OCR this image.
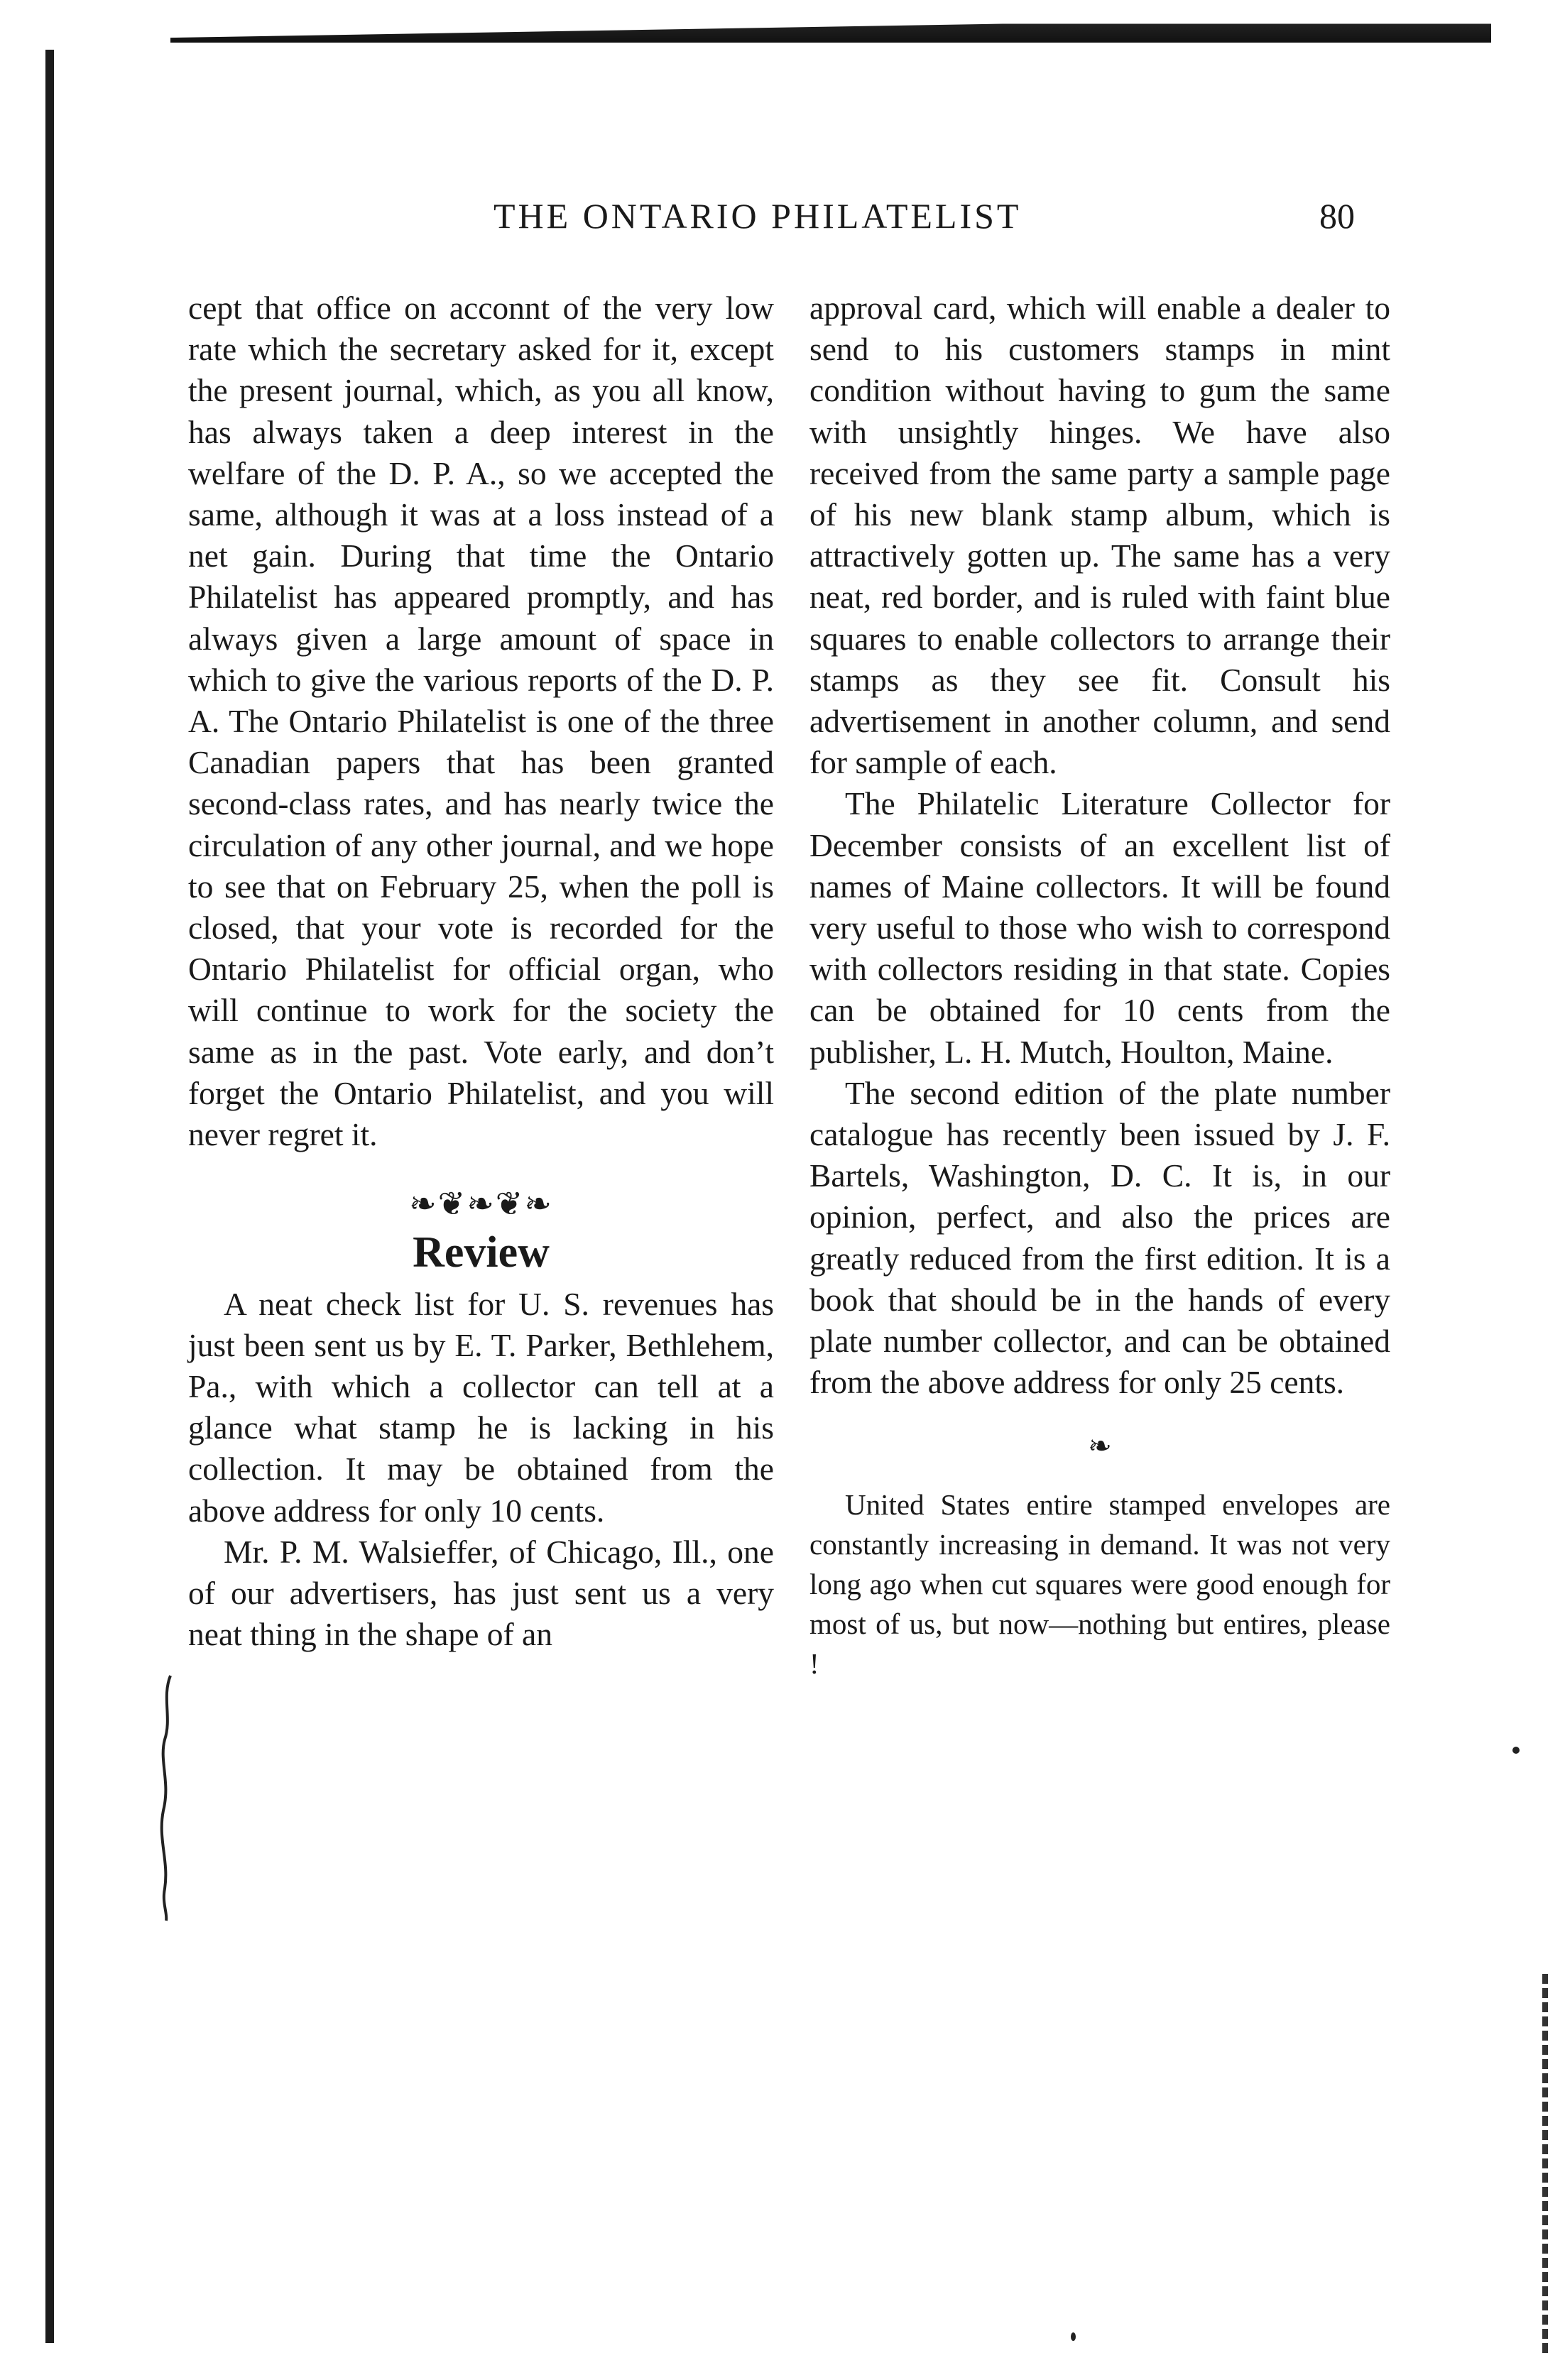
THE ONTARIO PHILATELIST	80

cept that office on acconnt of the very low rate which the secretary asked for it, except the present journal, which, as you all know, has always taken a deep interest in the welfare of the D. P. A., so we accepted the same, although it was at a loss instead of a net gain. During that time the Ontario Philatelist has appeared promptly, and has always given a large amount of space in which to give the various reports of the D. P. A. The Ontario Philatelist is one of the three Canadian papers that has been granted second-class rates, and has nearly twice the circulation of any other journal, and we hope to see that on February 25, when the poll is closed, that your vote is recorded for the Ontario Philatelist for official organ, who will continue to work for the society the same as in the past. Vote early, and don’t forget the Ontario Philatelist, and you will never regret it.

❧❦❧❦❧
Review

A neat check list for U. S. revenues has just been sent us by E. T. Parker, Bethlehem, Pa., with which a collector can tell at a glance what stamp he is lacking in his collection. It may be obtained from the above address for only 10 cents.

Mr. P. M. Walsieffer, of Chicago, Ill., one of our advertisers, has just sent us a very neat thing in the shape of an

approval card, which will enable a dealer to send to his customers stamps in mint condition without having to gum the same with unsightly hinges. We have also received from the same party a sample page of his new blank stamp album, which is attractively gotten up. The same has a very neat, red border, and is ruled with faint blue squares to enable collectors to arrange their stamps as they see fit. Consult his advertisement in another column, and send for sample of each.

The Philatelic Literature Collector for December consists of an excellent list of names of Maine collectors. It will be found very useful to those who wish to correspond with collectors residing in that state. Copies can be obtained for 10 cents from the publisher, L. H. Mutch, Houlton, Maine.

The second edition of the plate number catalogue has recently been issued by J. F. Bartels, Washington, D. C. It is, in our opinion, perfect, and also the prices are greatly reduced from the first edition. It is a book that should be in the hands of every plate number collector, and can be obtained from the above address for only 25 cents.

❧

United States entire stamped envelopes are constantly increasing in demand. It was not very long ago when cut squares were good enough for most of us, but now—nothing but entires, please !
